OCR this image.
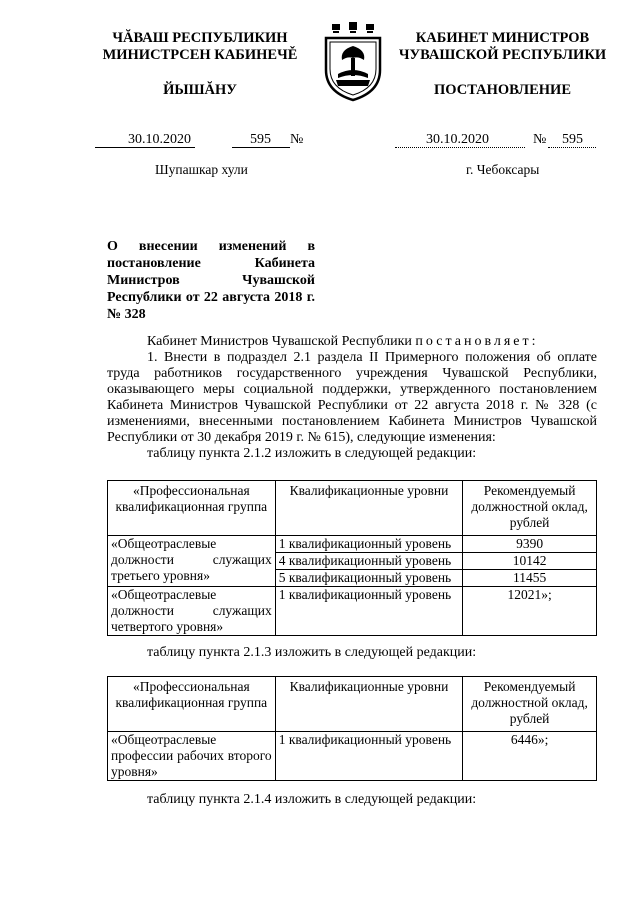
ЧĂВАШ РЕСПУБЛИКИН
МИНИСТРСЕН КАБИНЕЧĚ
ЙЫШĂНУ
КАБИНЕТ МИНИСТРОВ
ЧУВАШСКОЙ РЕСПУБЛИКИ
ПОСТАНОВЛЕНИЕ
30.10.2020	595 №	30.10.2020	№ 595
Шупашкар хули	г. Чебоксары
О внесении изменений в постановление Кабинета Министров Чувашской Республики от 22 августа 2018 г. № 328
Кабинет Министров Чувашской Республики постановляет:
1. Внести в подраздел 2.1 раздела II Примерного положения об оплате труда работников государственного учреждения Чувашской Республики, оказывающего меры социальной поддержки, утвержденного постановлением Кабинета Министров Чувашской Республики от 22 августа 2018 г. № 328 (с изменениями, внесенными постановлением Кабинета Министров Чувашской Республики от 30 декабря 2019 г. № 615), следующие изменения:
таблицу пункта 2.1.2 изложить в следующей редакции:
«Профессиональная квалификационная группа	Квалификационные уровни	Рекомендуемый должностной оклад, рублей
«Общеотраслевые должности служащих третьего уровня»	1 квалификационный уровень	9390
	4 квалификационный уровень	10142
	5 квалификационный уровень	11455
«Общеотраслевые должности служащих четвертого уровня»	1 квалификационный уровень	12021»;
таблицу пункта 2.1.3 изложить в следующей редакции:
«Профессиональная квалификационная группа	Квалификационные уровни	Рекомендуемый должностной оклад, рублей
«Общеотраслевые профессии рабочих второго уровня»	1 квалификационный уровень	6446»;
таблицу пункта 2.1.4 изложить в следующей редакции:
